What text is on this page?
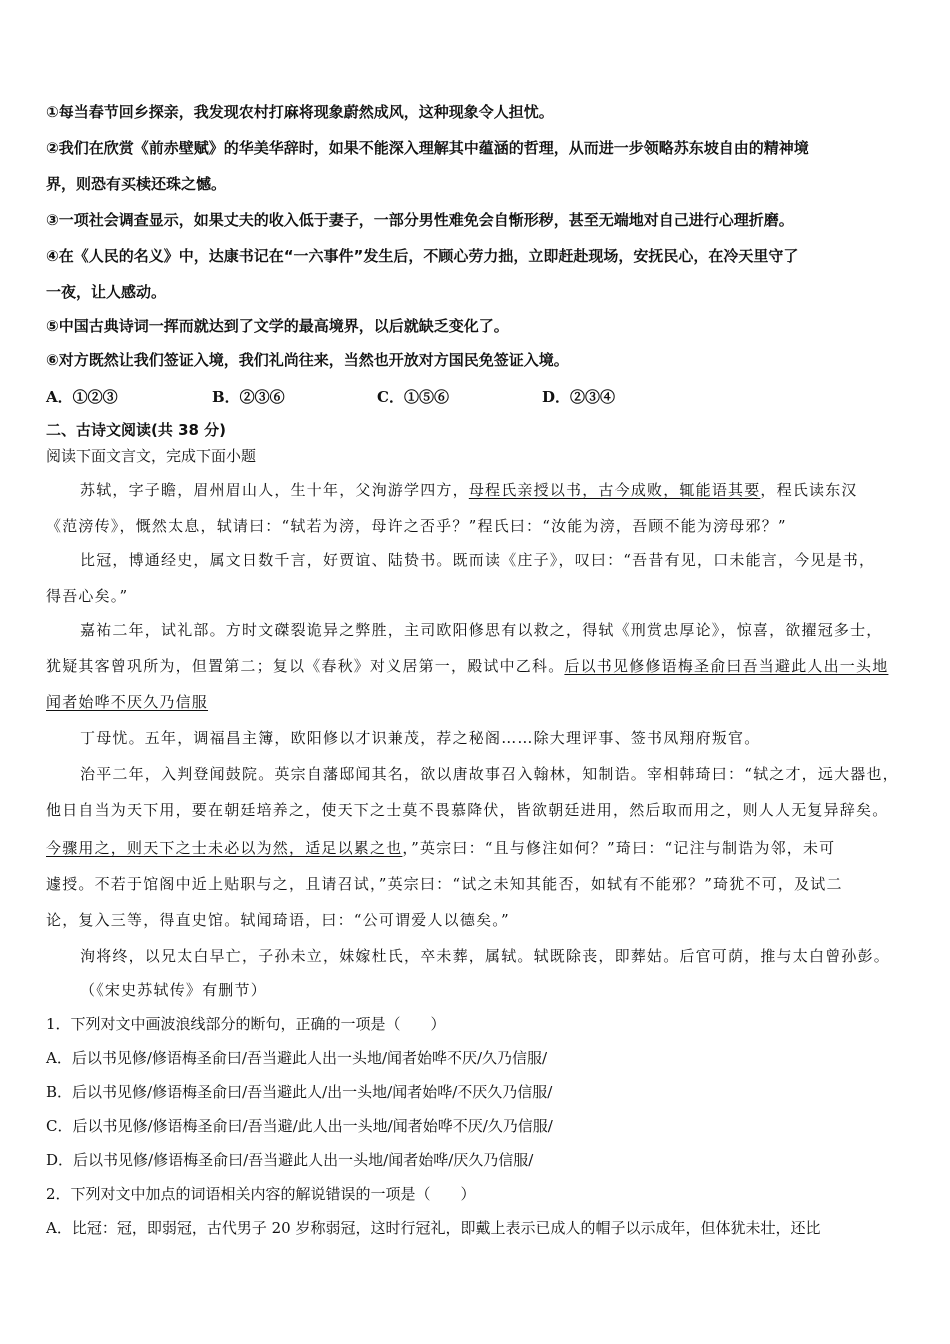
①每当春节回乡探亲，我发现农村打麻将现象蔚然成风，这种现象令人担忧。
②我们在欣赏《前赤壁赋》的华美华辞时，如果不能深入理解其中蕴涵的哲理，从而进一步领略苏东坡自由的精神境
界，则恐有买椟还珠之憾。
③一项社会调查显示，如果丈夫的收入低于妻子，一部分男性难免会自惭形秽，甚至无端地对自己进行心理折磨。
④在《人民的名义》中，达康书记在“一六事件”发生后，不顾心劳力拙，立即赶赴现场，安抚民心，在冷天里守了
一夜，让人感动。
⑤中国古典诗词一挥而就达到了文学的最高境界，以后就缺乏变化了。
⑥对方既然让我们签证入境，我们礼尚往来，当然也开放对方国民免签证入境。
A．①②③	B．②③⑥	C．①⑤⑥	D．②③④
二、古诗文阅读(共 38 分)
阅读下面文言文，完成下面小题
苏轼，字子瞻，眉州眉山人，生十年，父洵游学四方，母程氏亲授以书，古今成败，辄能语其要，程氏读东汉
《范滂传》，慨然太息，轼请曰：“轼若为滂，母许之否乎？”程氏曰：“汝能为滂，吾顾不能为滂母邪？”
比冠，博通经史，属文日数千言，好贾谊、陆贽书。既而读《庄子》，叹曰：“吾昔有见，口未能言，今见是书，
得吾心矣。”
嘉祐二年，试礼部。方时文磔裂诡异之弊胜，主司欧阳修思有以救之，得轼《刑赏忠厚论》，惊喜，欲擢冠多士，
犹疑其客曾巩所为，但置第二；复以《春秋》对义居第一，殿试中乙科。后以书见修修语梅圣俞曰吾当避此人出一头地
闻者始哗不厌久乃信服
丁母忧。五年，调福昌主簿，欧阳修以才识兼茂，荐之秘阁……除大理评事、签书凤翔府叛官。
治平二年，入判登闻鼓院。英宗自藩邸闻其名，欲以唐故事召入翰林，知制诰。宰相韩琦曰：“轼之才，远大器也，
他日自当为天下用，要在朝廷培养之，使天下之士莫不畏慕降伏，皆欲朝廷进用，然后取而用之，则人人无复异辞矣。
今骤用之，则天下之士未必以为然，适足以累之也，”英宗曰：“且与修注如何？”琦曰：“记注与制诰为邻，未可
遽授。不若于馆阁中近上贴职与之，且请召试，”英宗曰：“试之未知其能否，如轼有不能邪？”琦犹不可，及试二
论，复入三等，得直史馆。轼闻琦语，曰：“公可谓爱人以德矣。”
洵将终，以兄太白早亡，子孙未立，妹嫁杜氏，卒未葬，属轼。轼既除丧，即葬姑。后官可荫，推与太白曾孙彭。
（《宋史苏轼传》有删节）
1．下列对文中画波浪线部分的断句，正确的一项是（　　）
A．后以书见修/修语梅圣俞曰/吾当避此人出一头地/闻者始哗不厌/久乃信服/
B．后以书见修/修语梅圣俞曰/吾当避此人/出一头地/闻者始哗/不厌久乃信服/
C．后以书见修/修语梅圣俞曰/吾当避/此人出一头地/闻者始哗不厌/久乃信服/
D．后以书见修/修语梅圣俞曰/吾当避此人出一头地/闻者始哗/厌久乃信服/
2．下列对文中加点的词语相关内容的解说错误的一项是（　　）
A．比冠：冠，即弱冠，古代男子 20 岁称弱冠，这时行冠礼，即戴上表示已成人的帽子以示成年，但体犹未壮，还比
